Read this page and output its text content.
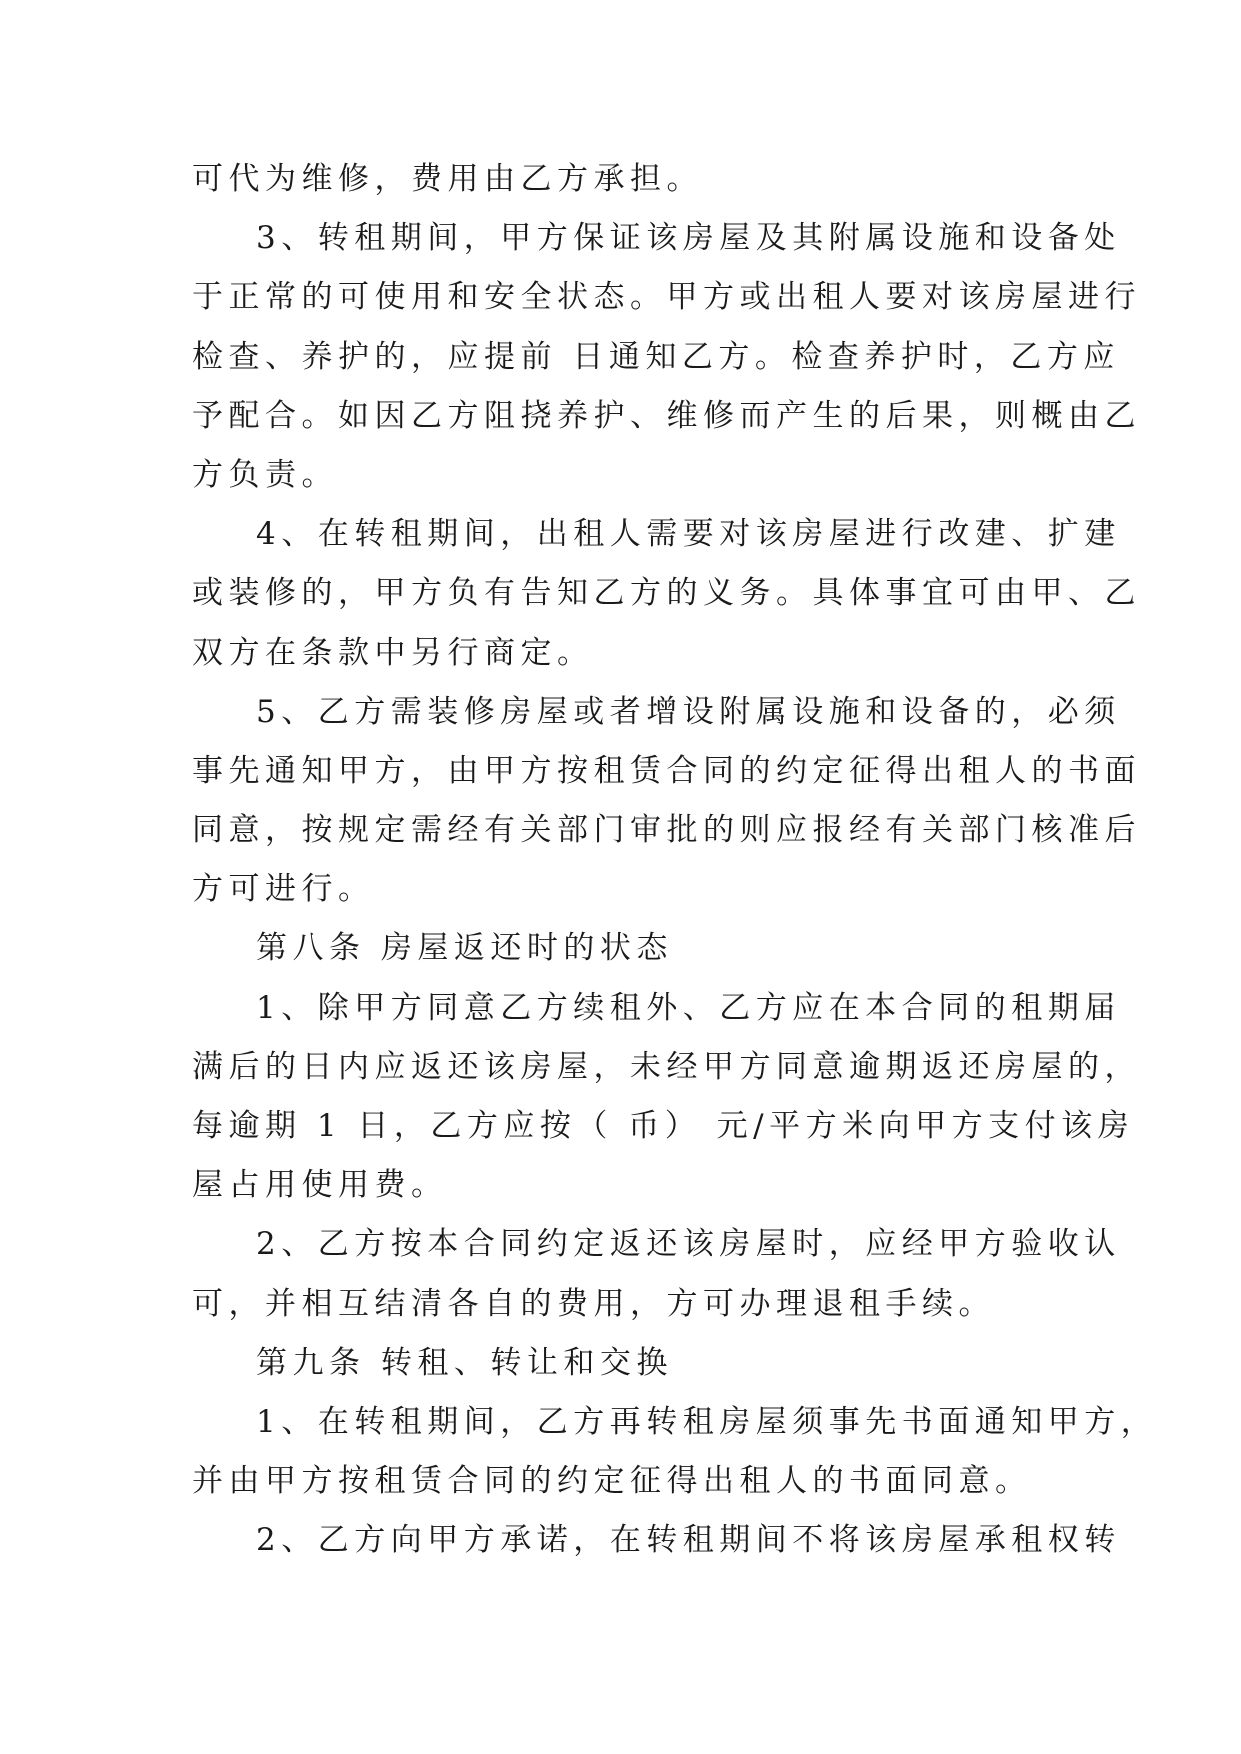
可代为维修，费用由乙方承担。
3、转租期间，甲方保证该房屋及其附属设施和设备处
于正常的可使用和安全状态。甲方或出租人要对该房屋进行
检查、养护的，应提前 日通知乙方。检查养护时，乙方应
予配合。如因乙方阻挠养护、维修而产生的后果，则概由乙
方负责。
4、在转租期间，出租人需要对该房屋进行改建、扩建
或装修的，甲方负有告知乙方的义务。具体事宜可由甲、乙
双方在条款中另行商定。
5、乙方需装修房屋或者增设附属设施和设备的，必须
事先通知甲方，由甲方按租赁合同的约定征得出租人的书面
同意，按规定需经有关部门审批的则应报经有关部门核准后
方可进行。
第八条 房屋返还时的状态
1、除甲方同意乙方续租外、乙方应在本合同的租期届
满后的日内应返还该房屋，未经甲方同意逾期返还房屋的，
每逾期 1 日，乙方应按（ 币） 元/平方米向甲方支付该房
屋占用使用费。
2、乙方按本合同约定返还该房屋时，应经甲方验收认
可，并相互结清各自的费用，方可办理退租手续。
第九条 转租、转让和交换
1、在转租期间，乙方再转租房屋须事先书面通知甲方，
并由甲方按租赁合同的约定征得出租人的书面同意。
2、乙方向甲方承诺，在转租期间不将该房屋承租权转
